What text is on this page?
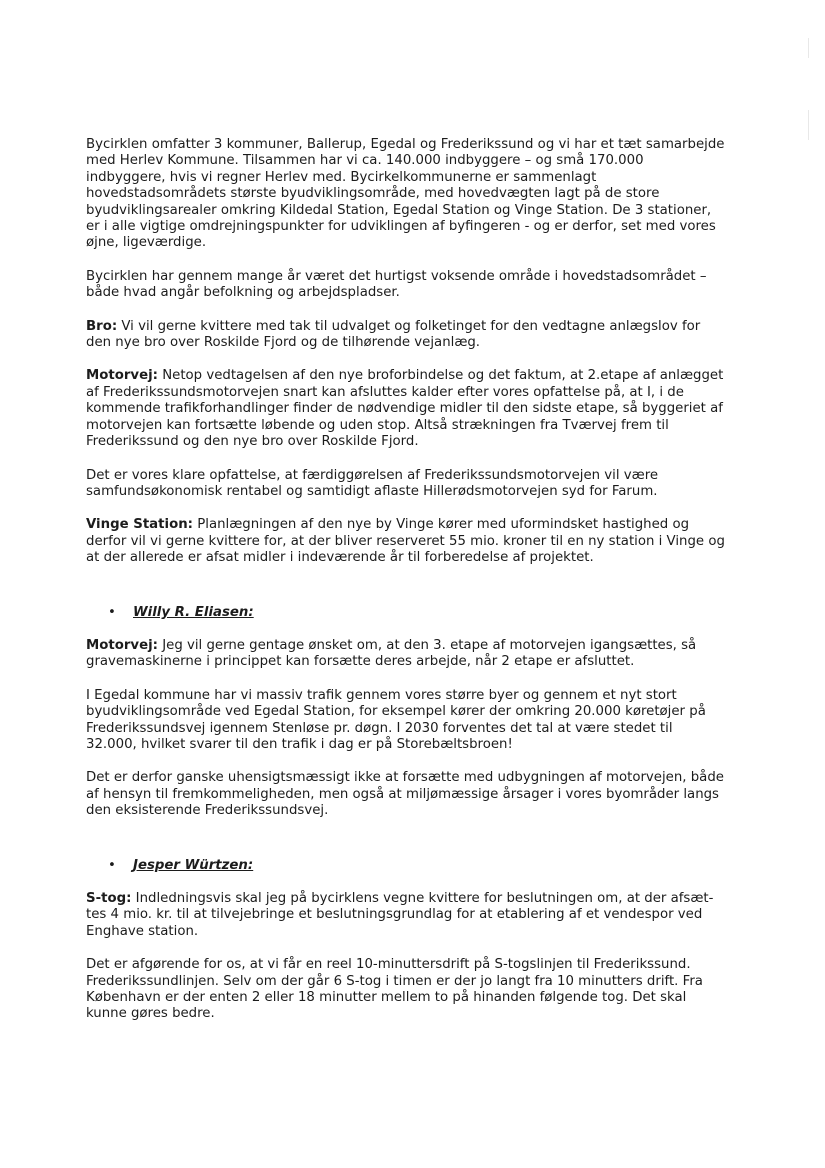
Bycirklen omfatter 3 kommuner, Ballerup, Egedal og Frederikssund og vi har et tæt samarbejde med Herlev Kommune. Tilsammen har vi ca. 140.000 indbyggere – og små 170.000 indbyggere, hvis vi regner Herlev med. Bycirkelkommunerne er sammenlagt hovedstadsområdets største byudviklingsområde, med hovedvægten lagt på de store byudviklingsarealer omkring Kildedal Station, Egedal Station og Vinge Station. De 3 stationer, er i alle vigtige omdrejningspunkter for udviklingen af byfingeren - og er derfor, set med vores øjne, ligeværdige.

Bycirklen har gennem mange år været det hurtigst voksende område i hovedstadsområdet – både hvad angår befolkning og arbejdspladser.

Bro: Vi vil gerne kvittere med tak til udvalget og folketinget for den vedtagne anlægslov for den nye bro over Roskilde Fjord og de tilhørende vejanlæg.

Motorvej: Netop vedtagelsen af den nye broforbindelse og det faktum, at 2.etape af anlægget af Frederikssundsmotorvejen snart kan afsluttes kalder efter vores opfattelse på, at I, i de kommende trafikforhandlinger finder de nødvendige midler til den sidste etape, så byggeriet af motorvejen kan fortsætte løbende og uden stop. Altså strækningen fra Tværvej frem til Frederikssund og den nye bro over Roskilde Fjord.

Det er vores klare opfattelse, at færdiggørelsen af Frederikssundsmotorvejen vil være samfundsøkonomisk rentabel og samtidigt aflaste Hillerødsmotorvejen syd for Farum.

Vinge Station: Planlægningen af den nye by Vinge kører med uformindsket hastighed og derfor vil vi gerne kvittere for, at der bliver reserveret 55 mio. kroner til en ny station i Vinge og at der allerede er afsat midler i indeværende år til forberedelse af projektet.

• Willy R. Eliasen:

Motorvej: Jeg vil gerne gentage ønsket om, at den 3. etape af motorvejen igangsættes, så gravemaskinerne i princippet kan forsætte deres arbejde, når 2 etape er afsluttet.

I Egedal kommune har vi massiv trafik gennem vores større byer og gennem et nyt stort byudviklingsområde ved Egedal Station, for eksempel kører der omkring 20.000 køretøjer på Frederikssundsvej igennem Stenløse pr. døgn. I 2030 forventes det tal at være stedet til 32.000, hvilket svarer til den trafik i dag er på Storebæltsbroen!

Det er derfor ganske uhensigtsmæssigt ikke at forsætte med udbygningen af motorvejen, både af hensyn til fremkommeligheden, men også at miljømæssige årsager i vores byområder langs den eksisterende Frederikssundsvej.

• Jesper Würtzen:

S-tog: Indledningsvis skal jeg på bycirklens vegne kvittere for beslutningen om, at der afsæt-tes 4 mio. kr. til at tilvejebringe et beslutningsgrundlag for at etablering af et vendespor ved Enghave station.

Det er afgørende for os, at vi får en reel 10-minuttersdrift på S-togslinjen til Frederikssund. Frederikssundlinjen. Selv om der går 6 S-tog i timen er der jo langt fra 10 minutters drift. Fra København er der enten 2 eller 18 minutter mellem to på hinanden følgende tog. Det skal kunne gøres bedre.
